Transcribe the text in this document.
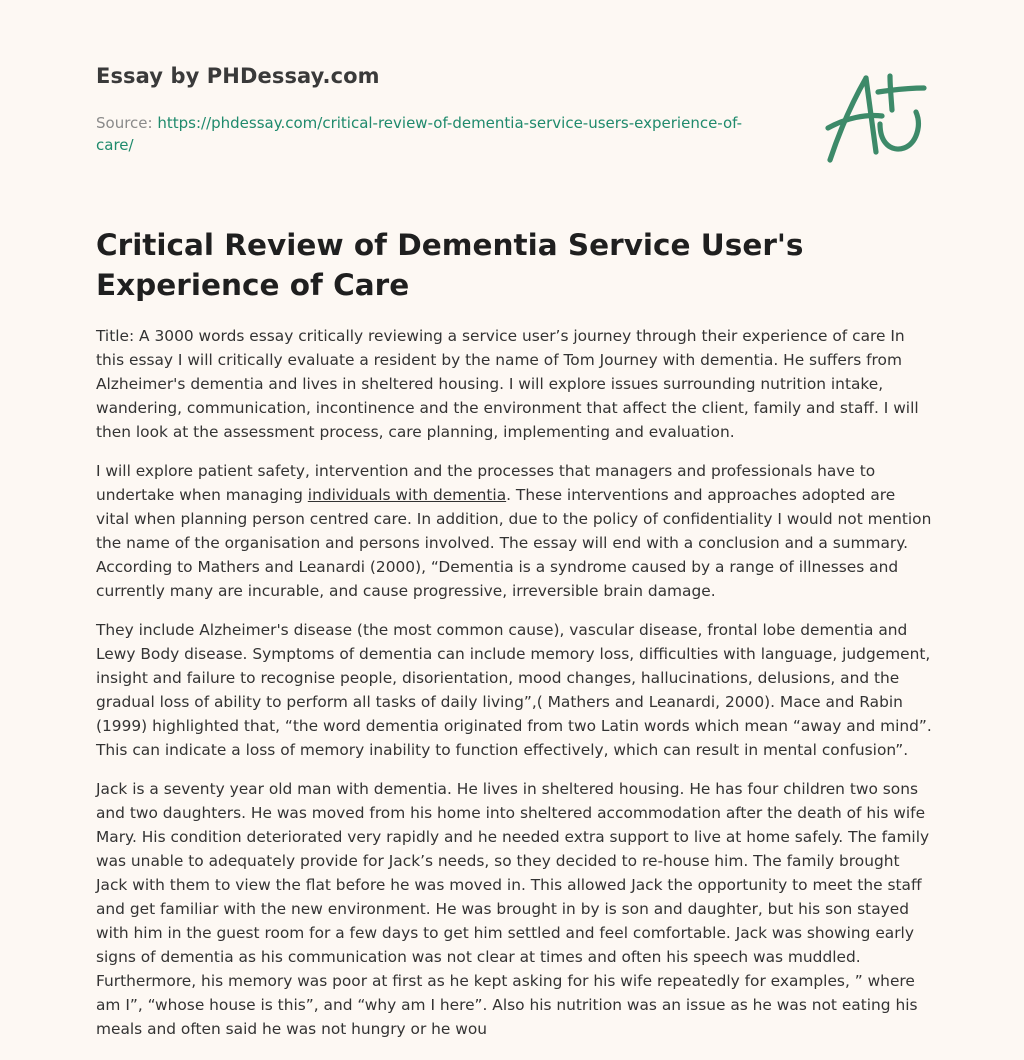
Essay by PHDessay.com
Source: https://phdessay.com/critical-review-of-dementia-service-users-experience-of-care/
Critical Review of Dementia Service User's Experience of Care

Title: A 3000 words essay critically reviewing a service user’s journey through their experience of care In this essay I will critically evaluate a resident by the name of Tom Journey with dementia. He suffers from Alzheimer's dementia and lives in sheltered housing. I will explore issues surrounding nutrition intake, wandering, communication, incontinence and the environment that affect the client, family and staff. I will then look at the assessment process, care planning, implementing and evaluation.

I will explore patient safety, intervention and the processes that managers and professionals have to undertake when managing individuals with dementia. These interventions and approaches adopted are vital when planning person centred care. In addition, due to the policy of confidentiality I would not mention the name of the organisation and persons involved. The essay will end with a conclusion and a summary. According to Mathers and Leanardi (2000), “Dementia is a syndrome caused by a range of illnesses and currently many are incurable, and cause progressive, irreversible brain damage.

They include Alzheimer's disease (the most common cause), vascular disease, frontal lobe dementia and Lewy Body disease. Symptoms of dementia can include memory loss, difficulties with language, judgement, insight and failure to recognise people, disorientation, mood changes, hallucinations, delusions, and the gradual loss of ability to perform all tasks of daily living”,( Mathers and Leanardi, 2000). Mace and Rabin (1999) highlighted that, “the word dementia originated from two Latin words which mean “away and mind”. This can indicate a loss of memory inability to function effectively, which can result in mental confusion”.

Jack is a seventy year old man with dementia. He lives in sheltered housing. He has four children two sons and two daughters. He was moved from his home into sheltered accommodation after the death of his wife Mary. His condition deteriorated very rapidly and he needed extra support to live at home safely. The family was unable to adequately provide for Jack’s needs, so they decided to re-house him. The family brought Jack with them to view the flat before he was moved in. This allowed Jack the opportunity to meet the staff and get familiar with the new environment. He was brought in by is son and daughter, but his son stayed with him in the guest room for a few days to get him settled and feel comfortable. Jack was showing early signs of dementia as his communication was not clear at times and often his speech was muddled. Furthermore, his memory was poor at first as he kept asking for his wife repeatedly for examples, ” where am I”, “whose house is this”, and “why am I here”. Also his nutrition was an issue as he was not eating his meals and often said he was not hungry or he wou
